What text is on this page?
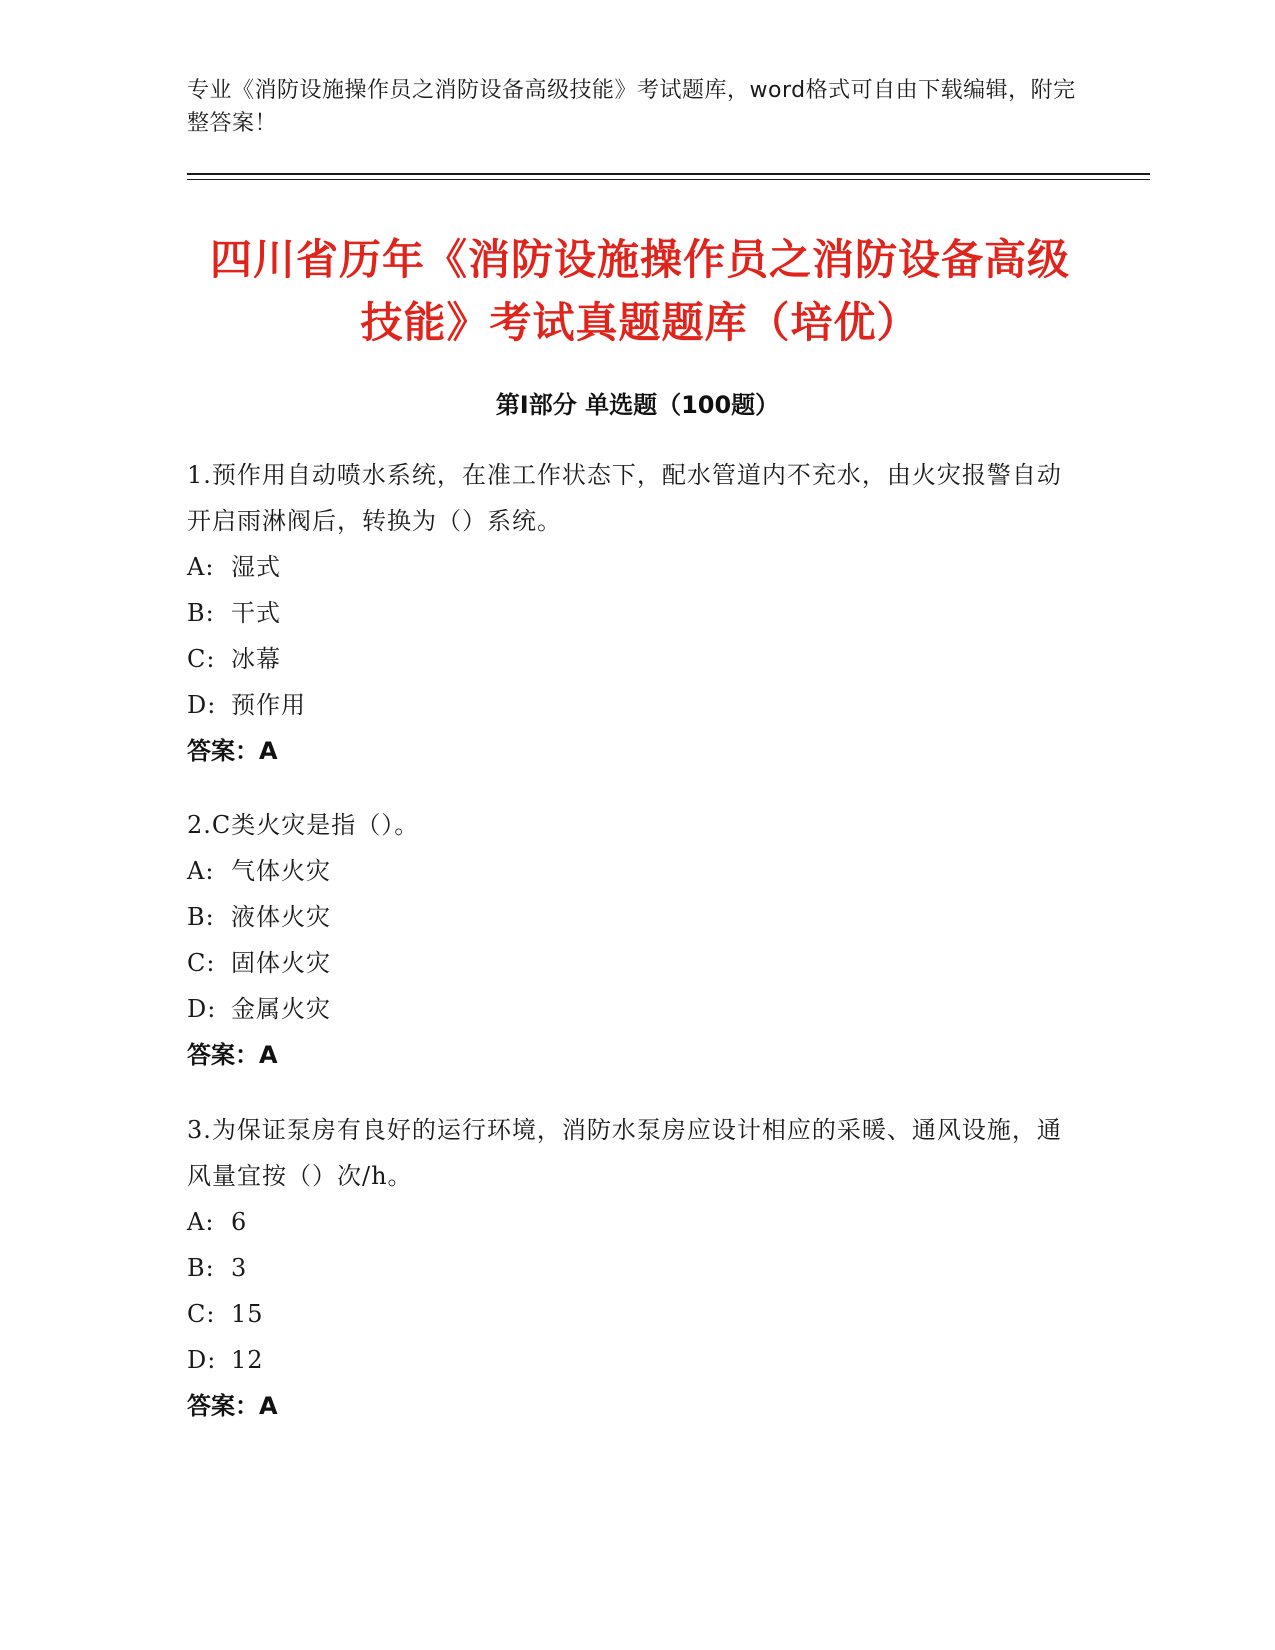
专业《消防设施操作员之消防设备高级技能》考试题库，word格式可自由下载编辑，附完整答案！
四川省历年《消防设施操作员之消防设备高级技能》考试真题题库（培优）
第Ⅰ部分 单选题（100题）
1.预作用自动喷水系统，在准工作状态下，配水管道内不充水，由火灾报警自动开启雨淋阀后，转换为（）系统。
A: 湿式
B: 干式
C: 冰幕
D: 预作用
答案：A
2.C类火灾是指（）。
A: 气体火灾
B: 液体火灾
C: 固体火灾
D: 金属火灾
答案：A
3.为保证泵房有良好的运行环境，消防水泵房应设计相应的采暖、通风设施，通风量宜按（）次/h。
A: 6
B: 3
C: 15
D: 12
答案：A
